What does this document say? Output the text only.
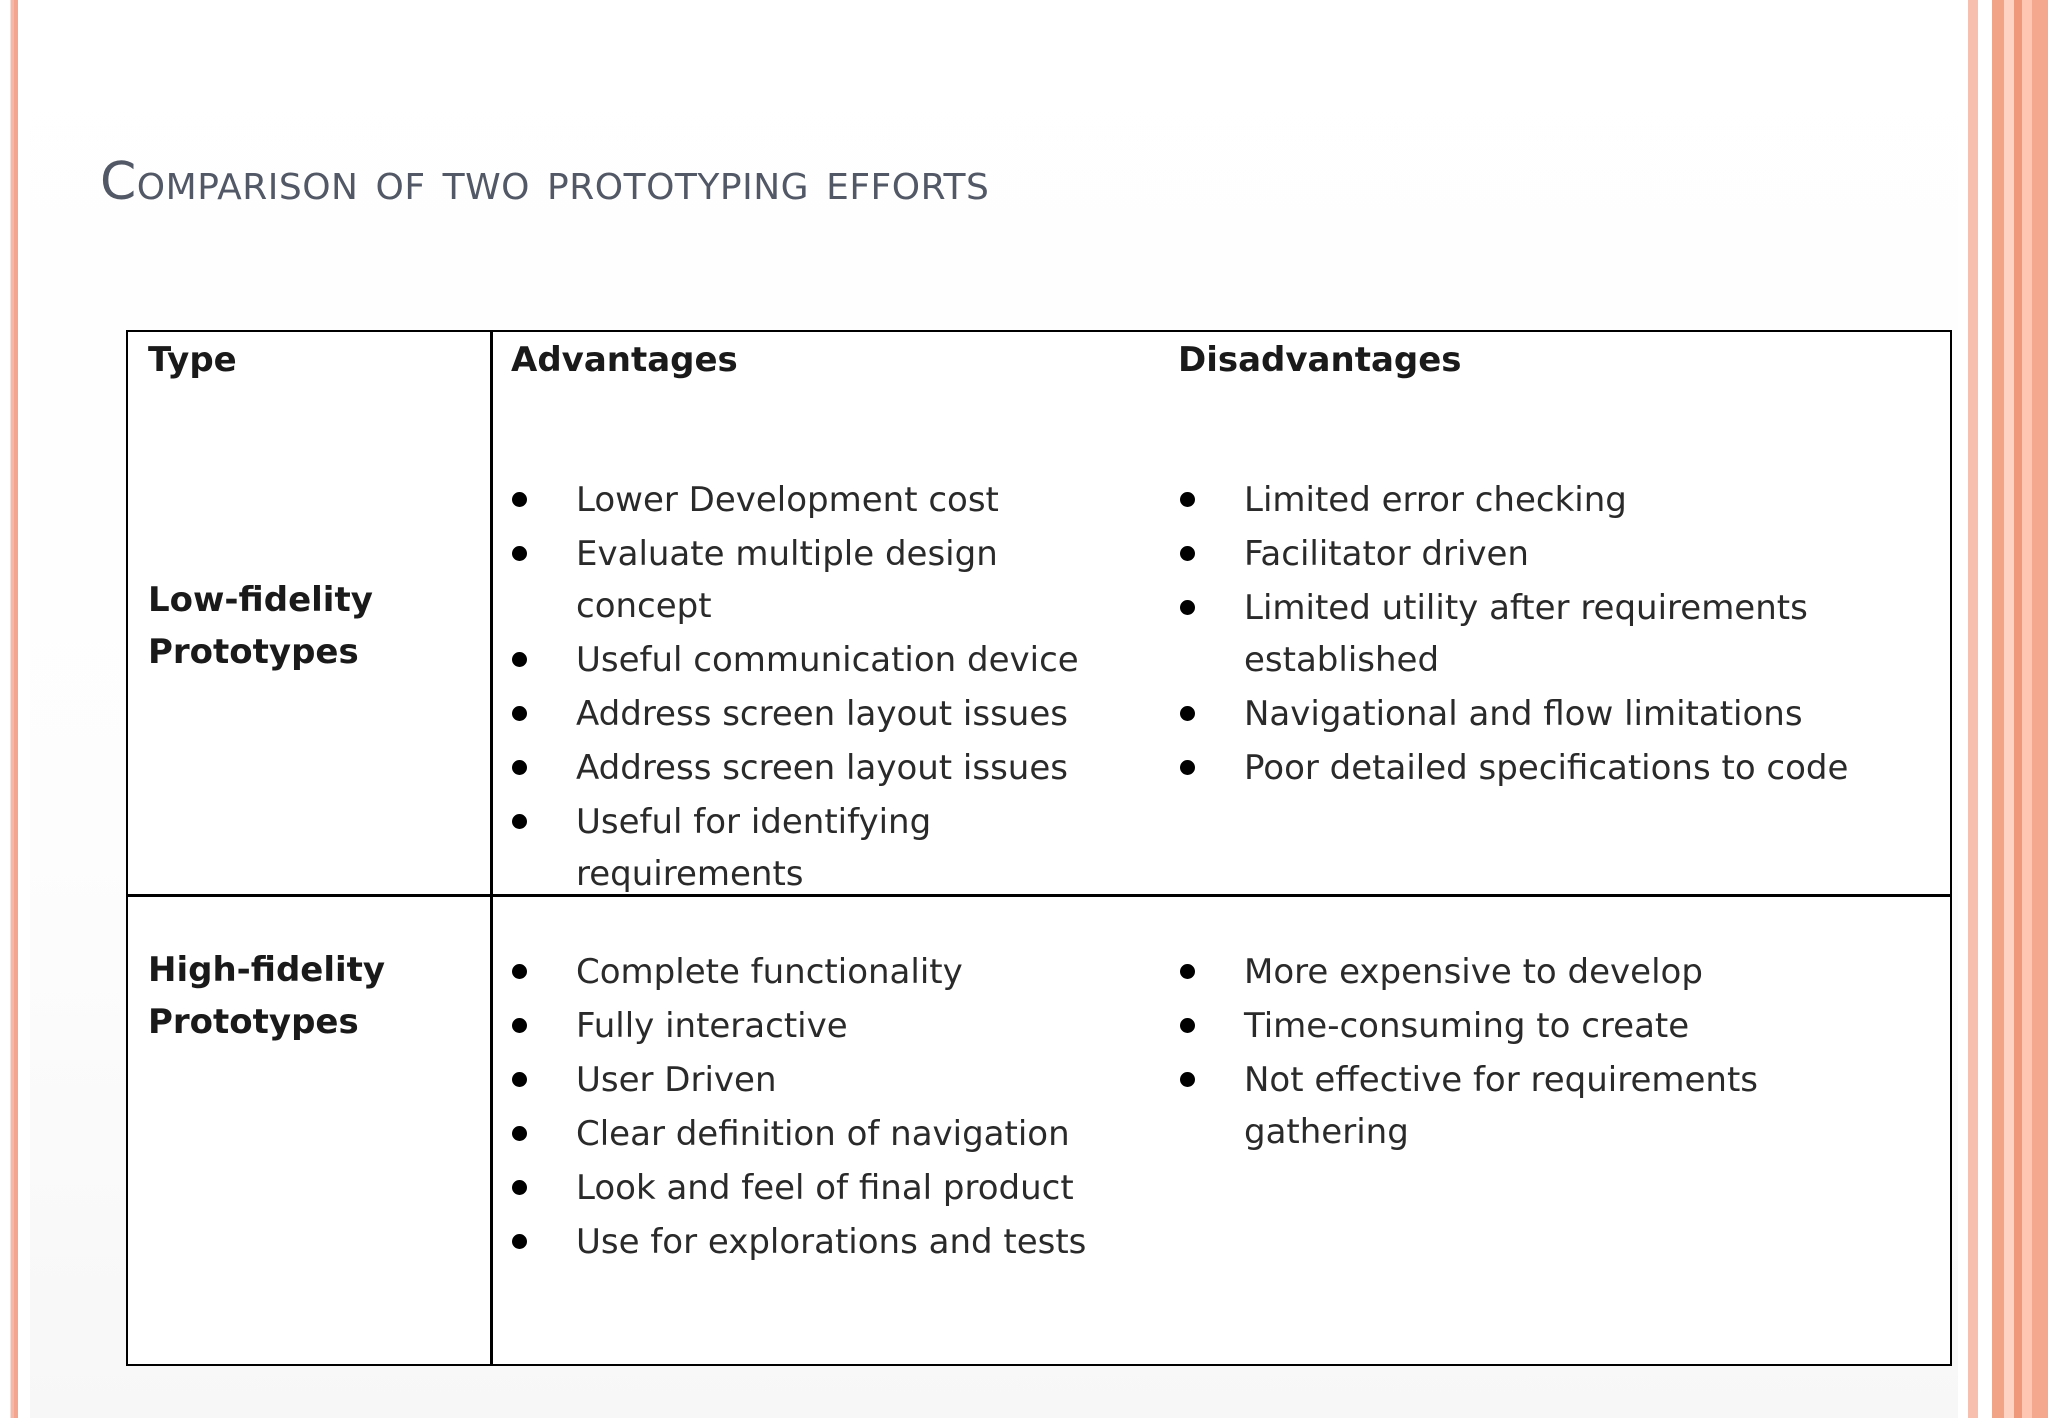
Comparison of two prototyping efforts
Type	Advantages	Disadvantages
Low-fidelity
Prototypes
Lower Development cost
Evaluate multiple design concept
Useful communication device
Address screen layout issues
Address screen layout issues
Useful for identifying requirements
Limited error checking
Facilitator driven
Limited utility after requirements established
Navigational and flow limitations
Poor detailed specifications to code
High-fidelity
Prototypes
Complete functionality
Fully interactive
User Driven
Clear definition of navigation
Look and feel of final product
Use for explorations and tests
More expensive to develop
Time-consuming to create
Not effective for requirements gathering
